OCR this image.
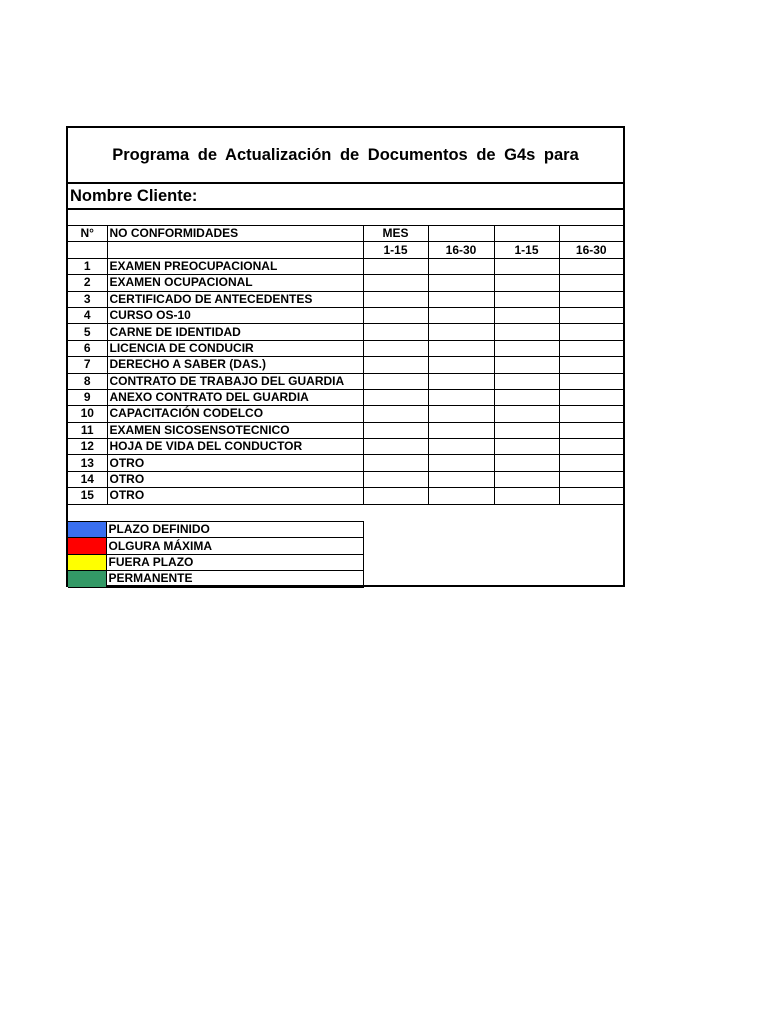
Programa de Actualización de Documentos de G4s para
Nombre Cliente:
N°	NO CONFORMIDADES	MES			
		1-15	16-30	1-15	16-30
1	EXAMEN PREOCUPACIONAL				
2	EXAMEN OCUPACIONAL				
3	CERTIFICADO DE ANTECEDENTES				
4	CURSO OS-10				
5	CARNE DE IDENTIDAD				
6	LICENCIA DE CONDUCIR				
7	DERECHO A SABER (DAS.)				
8	CONTRATO DE TRABAJO DEL GUARDIA				
9	ANEXO CONTRATO DEL GUARDIA				
10	CAPACITACIÓN CODELCO				
11	EXAMEN SICOSENSOTECNICO				
12	HOJA DE VIDA DEL CONDUCTOR				
13	OTRO				
14	OTRO				
15	OTRO				
	PLAZO DEFINIDO
	OLGURA MÁXIMA
	FUERA PLAZO
	PERMANENTE
